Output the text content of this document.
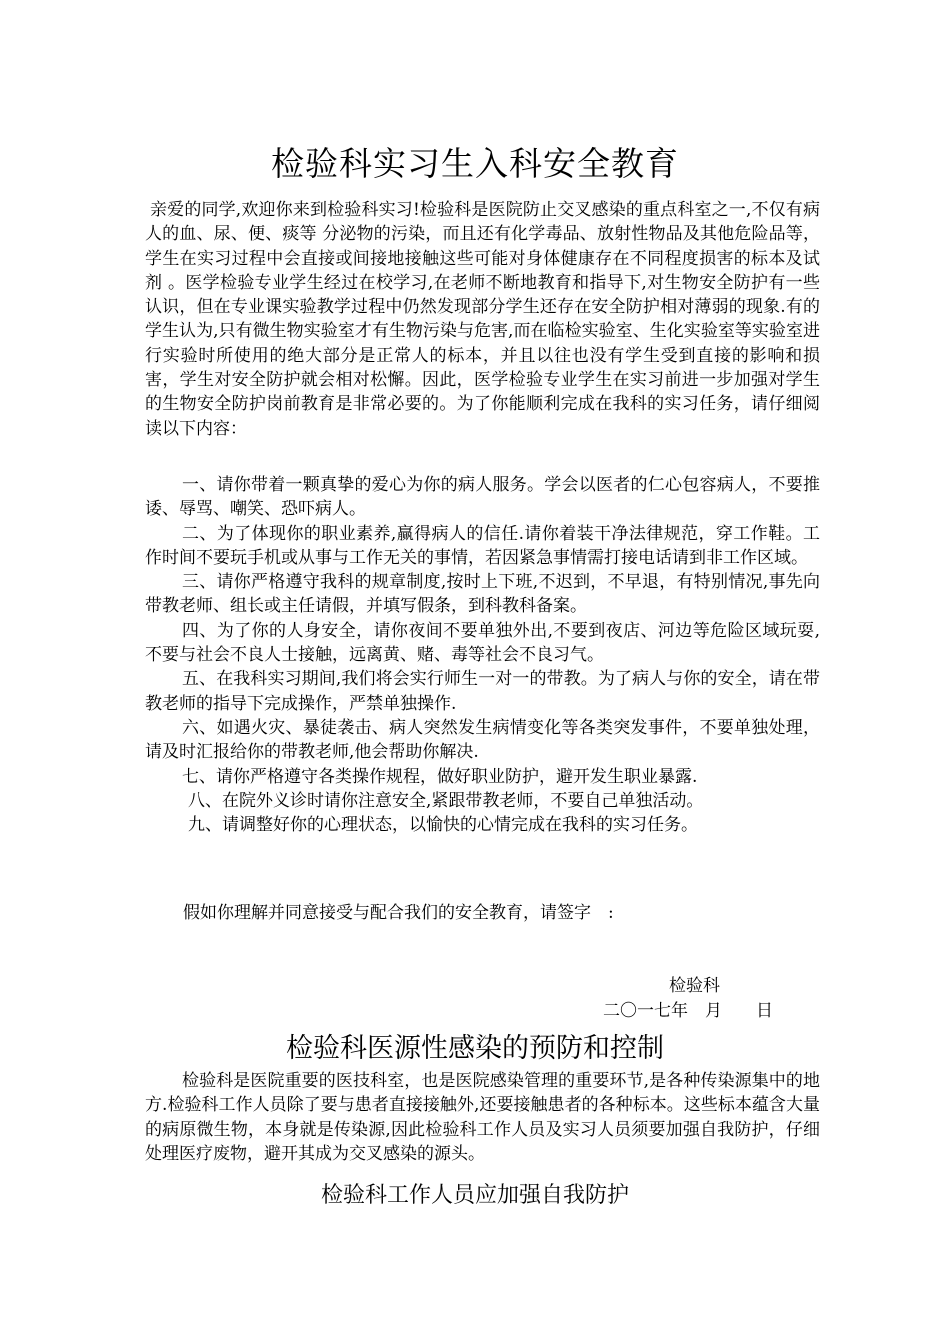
检验科实习生入科安全教育

亲爱的同学,欢迎你来到检验科实习!检验科是医院防止交叉感染的重点科室之一,不仅有病人的血、尿、便、痰等 分泌物的污染，而且还有化学毒品、放射性物品及其他危险品等，学生在实习过程中会直接或间接地接触这些可能对身体健康存在不同程度损害的标本及试剂 。医学检验专业学生经过在校学习,在老师不断地教育和指导下,对生物安全防护有一些认识，但在专业课实验教学过程中仍然发现部分学生还存在安全防护相对薄弱的现象.有的学生认为,只有微生物实验室才有生物污染与危害,而在临检实验室、生化实验室等实验室进行实验时所使用的绝大部分是正常人的标本，并且以往也没有学生受到直接的影响和损害，学生对安全防护就会相对松懈。因此，医学检验专业学生在实习前进一步加强对学生的生物安全防护岗前教育是非常必要的。为了你能顺利完成在我科的实习任务，请仔细阅读以下内容：

一、请你带着一颗真挚的爱心为你的病人服务。学会以医者的仁心包容病人，不要推诿、辱骂、嘲笑、恐吓病人。

二、为了体现你的职业素养,赢得病人的信任.请你着装干净法律规范，穿工作鞋。工作时间不要玩手机或从事与工作无关的事情，若因紧急事情需打接电话请到非工作区域。

三、请你严格遵守我科的规章制度,按时上下班,不迟到，不早退，有特别情况,事先向带教老师、组长或主任请假，并填写假条，到科教科备案。

四、为了你的人身安全，请你夜间不要单独外出,不要到夜店、河边等危险区域玩耍,不要与社会不良人士接触，远离黄、赌、毒等社会不良习气。

五、在我科实习期间,我们将会实行师生一对一的带教。为了病人与你的安全，请在带教老师的指导下完成操作，严禁单独操作.

六、如遇火灾、暴徒袭击、病人突然发生病情变化等各类突发事件，不要单独处理，请及时汇报给你的带教老师,他会帮助你解决.

七、请你严格遵守各类操作规程，做好职业防护，避开发生职业暴露.

八、在院外义诊时请你注意安全,紧跟带教老师，不要自己单独活动。

九、请调整好你的心理状态，以愉快的心情完成在我科的实习任务。

假如你理解并同意接受与配合我们的安全教育，请签字　:

检验科

二〇一七年　月　　日

检验科医源性感染的预防和控制

检验科是医院重要的医技科室，也是医院感染管理的重要环节,是各种传染源集中的地方.检验科工作人员除了要与患者直接接触外,还要接触患者的各种标本。这些标本蕴含大量的病原微生物，本身就是传染源,因此检验科工作人员及实习人员须要加强自我防护，仔细处理医疗废物，避开其成为交叉感染的源头。

检验科工作人员应加强自我防护
